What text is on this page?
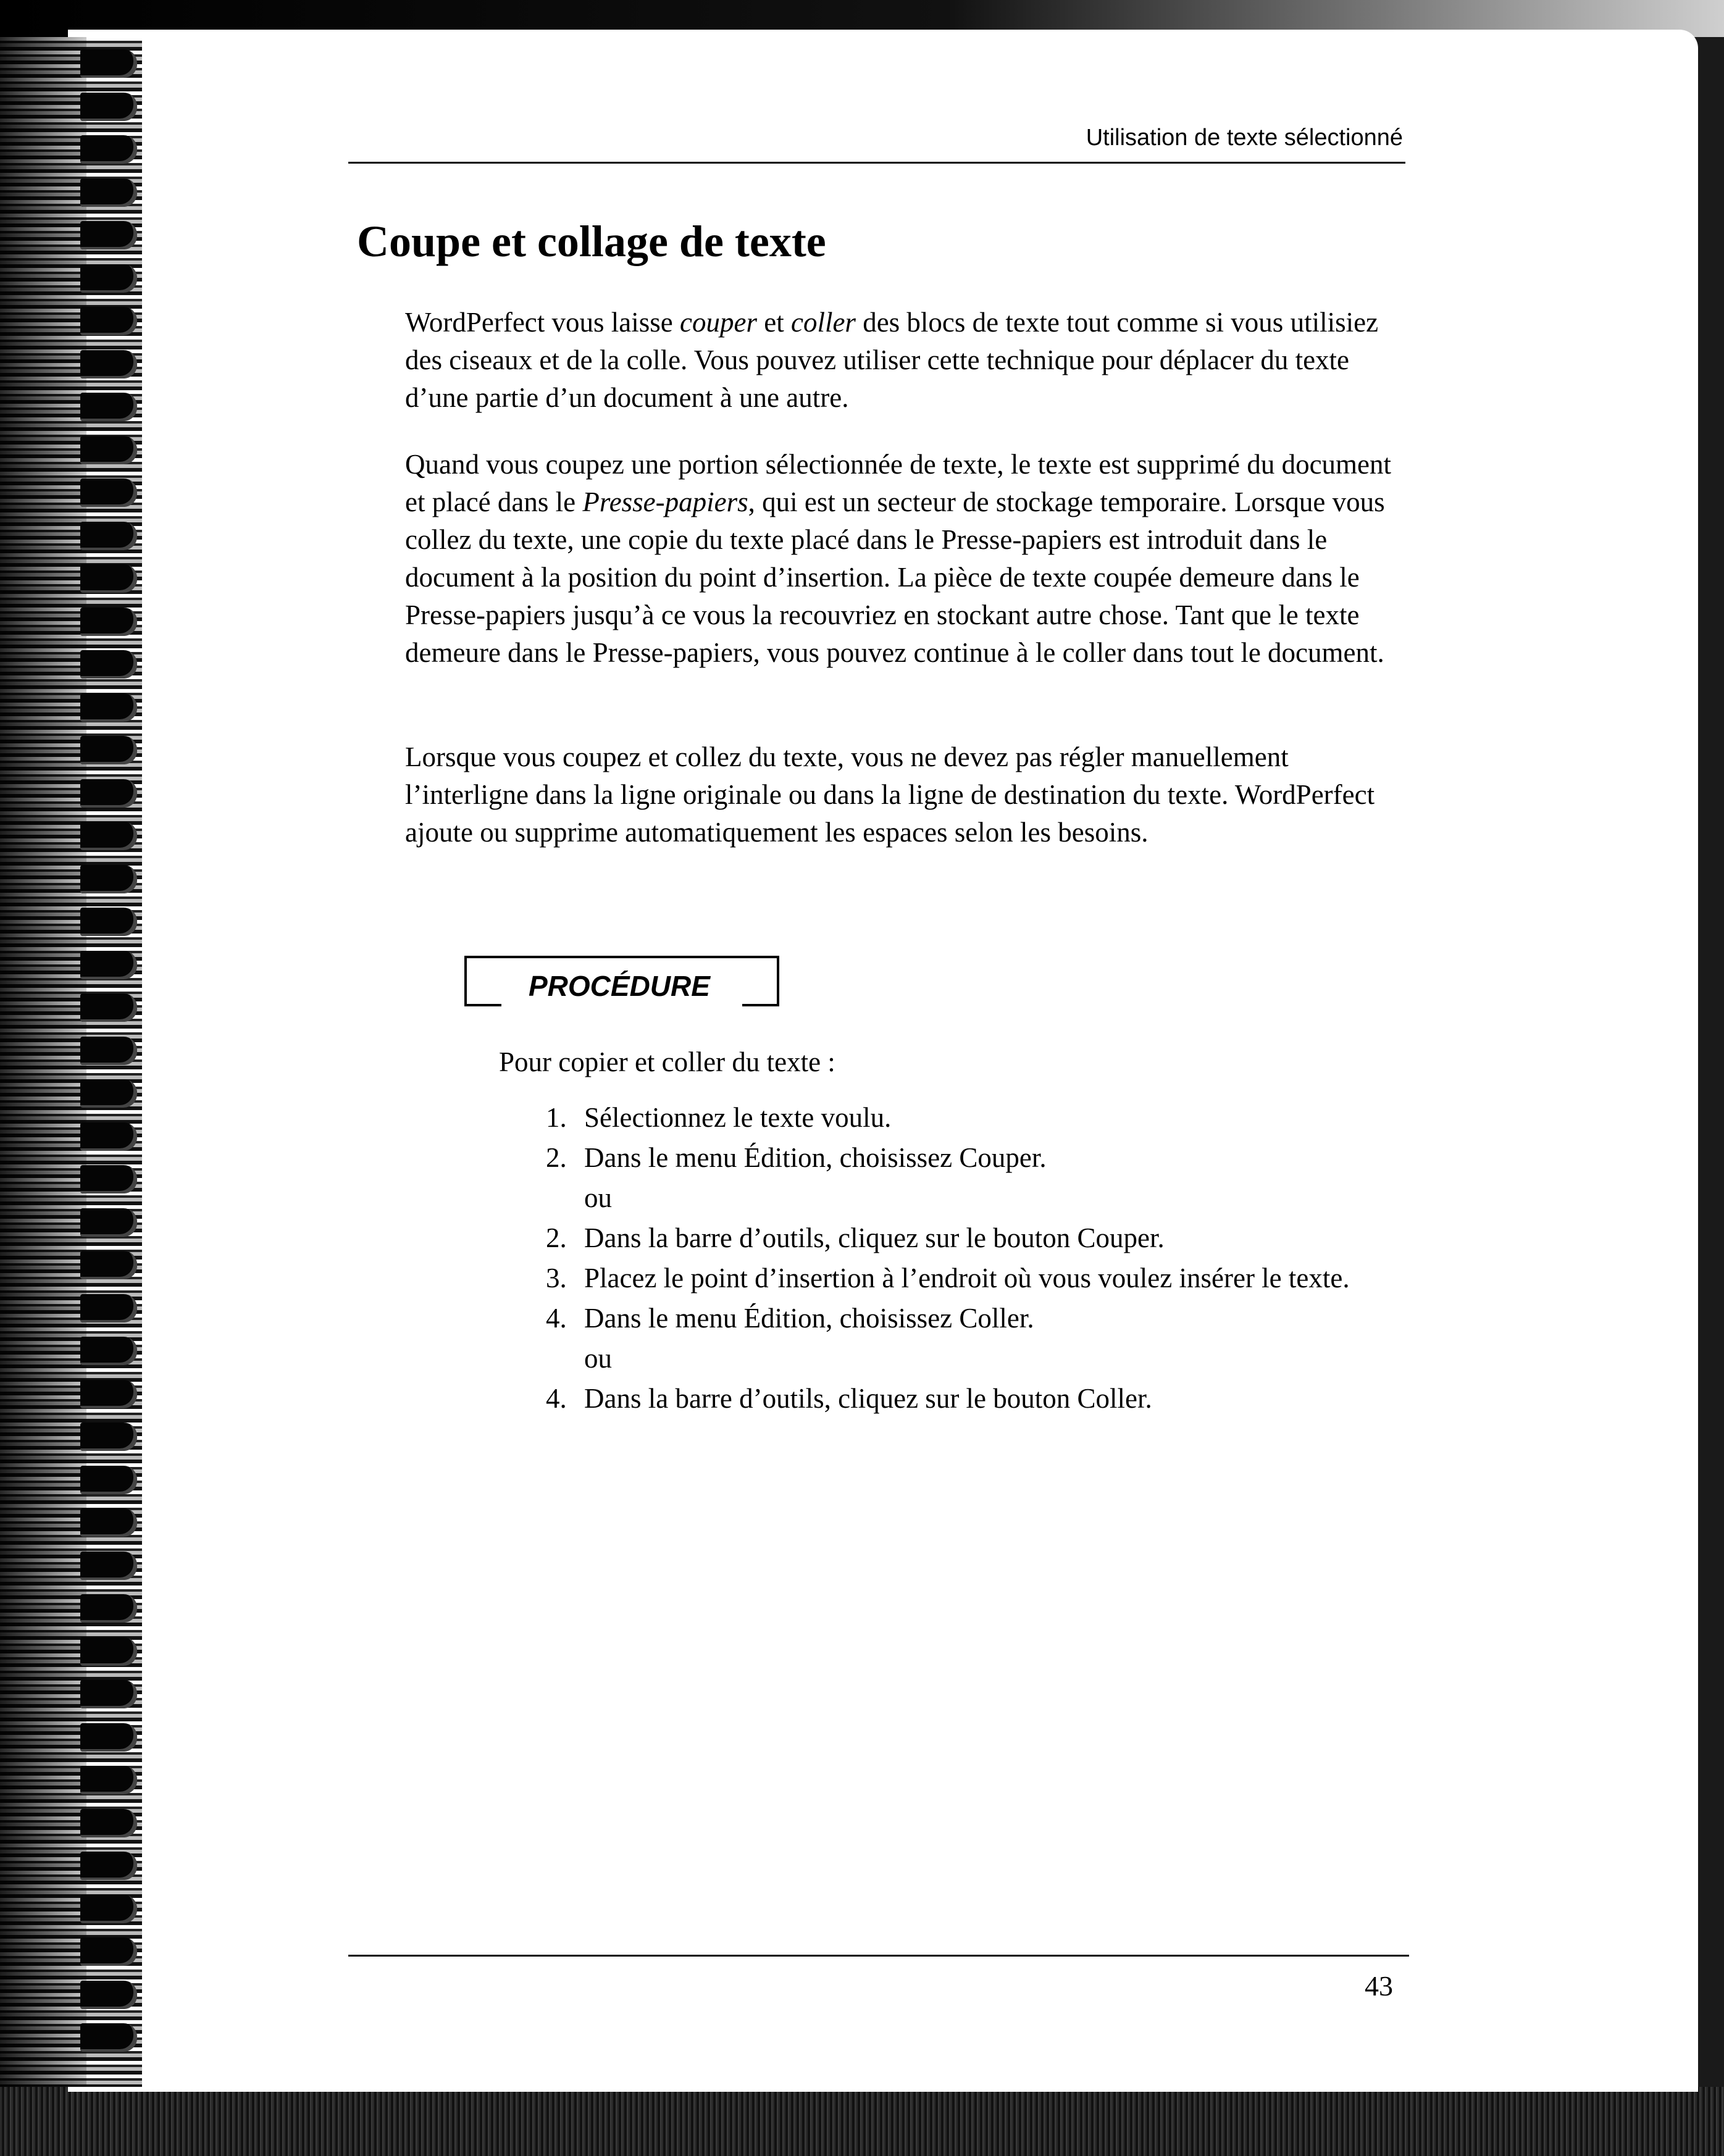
Utilisation de texte sélectionné
Coupe et collage de texte

WordPerfect vous laisse couper et coller des blocs de texte tout comme si vous utilisiez des ciseaux et de la colle. Vous pouvez utiliser cette technique pour déplacer du texte d’une partie d’un document à une autre.

Quand vous coupez une portion sélectionnée de texte, le texte est supprimé du document et placé dans le Presse-papiers, qui est un secteur de stockage temporaire. Lorsque vous collez du texte, une copie du texte placé dans le Presse-papiers est introduit dans le document à la position du point d’insertion. La pièce de texte coupée demeure dans le Presse-papiers jusqu’à ce vous la recouvriez en stockant autre chose. Tant que le texte demeure dans le Presse-papiers, vous pouvez continue à le coller dans tout le document.

Lorsque vous coupez et collez du texte, vous ne devez pas régler manuellement l’interligne dans la ligne originale ou dans la ligne de destination du texte. WordPerfect ajoute ou supprime automatiquement les espaces selon les besoins.

PROCÉDURE

Pour copier et coller du texte :

1. Sélectionnez le texte voulu.
2. Dans le menu Édition, choisissez Couper.
ou
2. Dans la barre d’outils, cliquez sur le bouton Couper.
3. Placez le point d’insertion à l’endroit où vous voulez insérer le texte.
4. Dans le menu Édition, choisissez Coller.
ou
4. Dans la barre d’outils, cliquez sur le bouton Coller.
43
